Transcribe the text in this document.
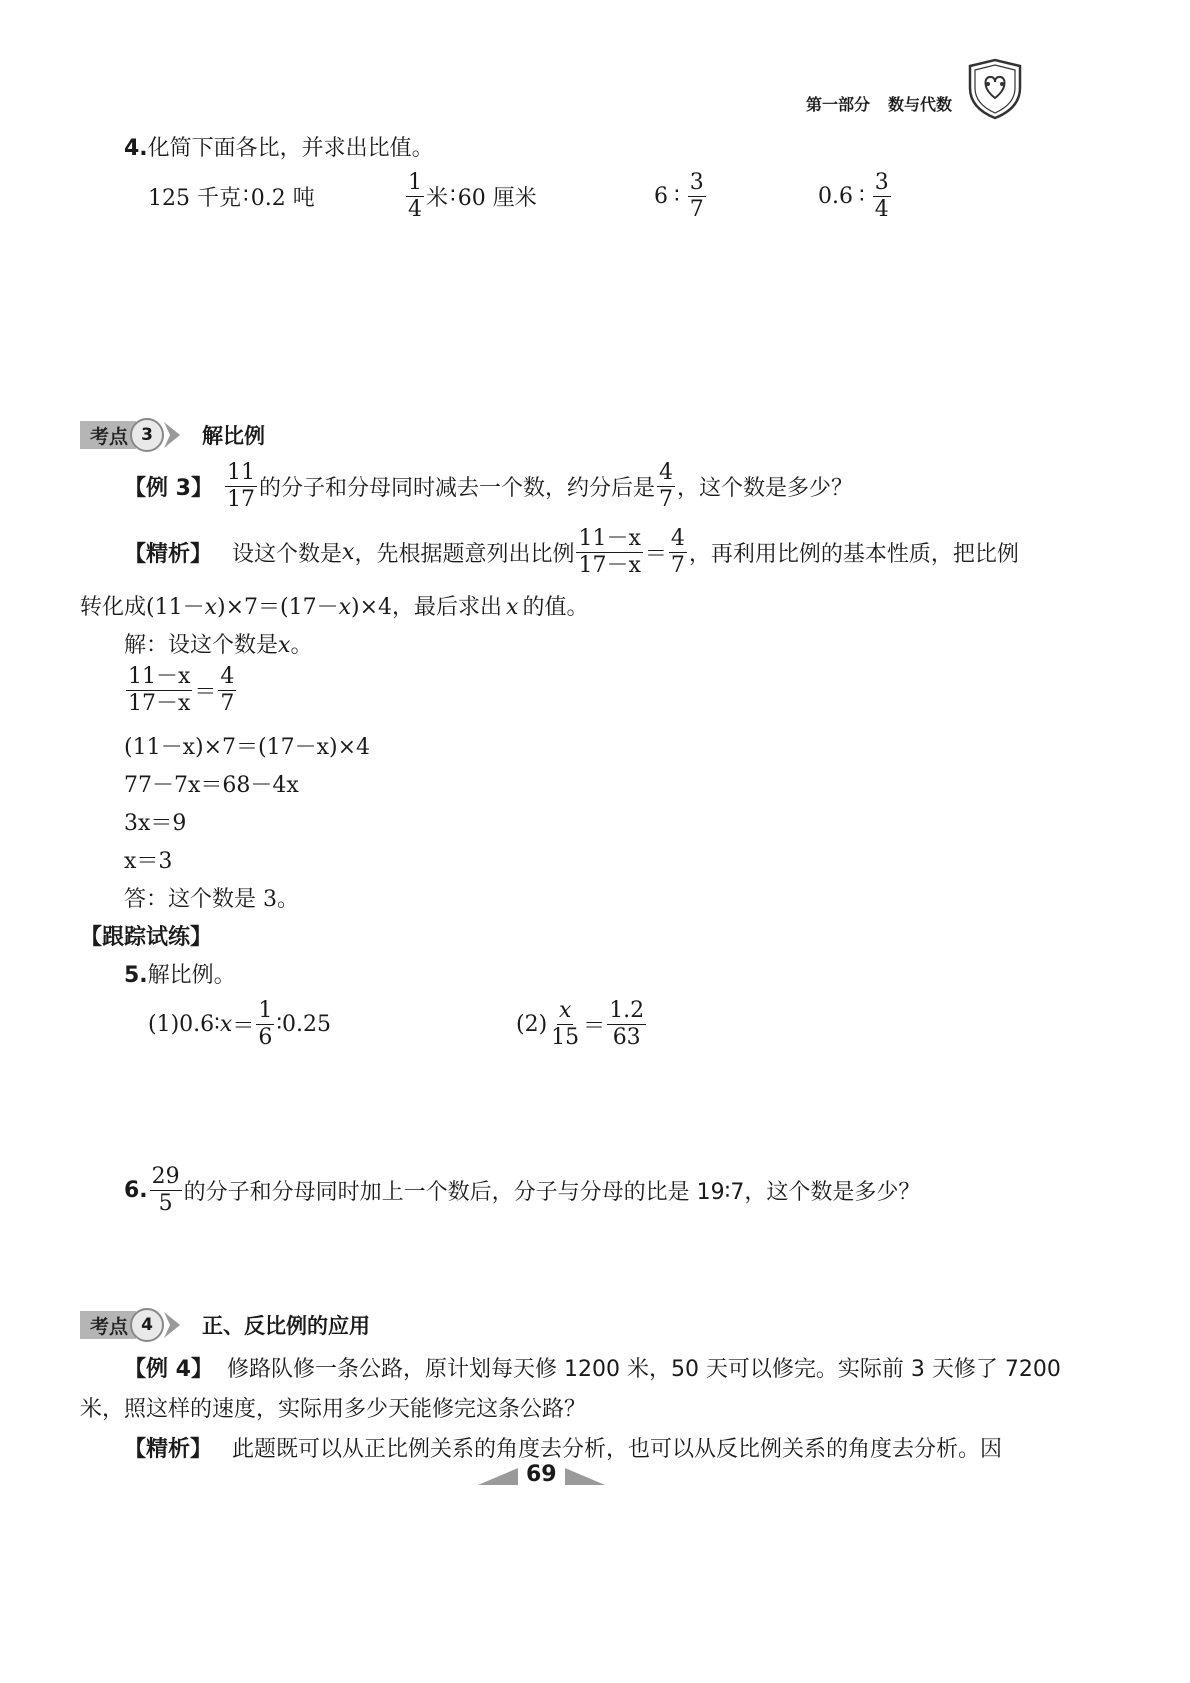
第一部分 数与代数
4.化简下面各比，并求出比值。
125 千克 ∶ 0.2 吨	$\frac{1}{4}$ 米 ∶ 60 厘米	6 ∶ $\frac{3}{7}$	0.6 ∶ $\frac{3}{4}$
考点 3	解比例
【例 3】 $\frac{11}{17}$ 的分子和分母同时减去一个数，约分后是 $\frac{4}{7}$ ，这个数是多少？
【精析】 设这个数是 x ，先根据题意列出比例 $\frac{11-x}{17-x} = \frac{4}{7}$ ，再利用比例的基本性质，把比例
转化成(11－x)×7＝(17－x)×4，最后求出 x 的值。
解：设这个数是x。
$\frac{11-x}{17-x} = \frac{4}{7}$
(11－x)×7＝(17－x)×4
77－7x＝68－4x
3x＝9
x＝3
答：这个数是 3。
【跟踪试练】
5.解比例。
(1)0.6∶ $x = \frac{1}{6}$ ∶0.25	$(2) \frac{x}{15} = \frac{1.2}{63}$
6. $\frac{29}{5}$ 的分子和分母同时加上一个数后，分子与分母的比是 19∶7，这个数是多少？
考点 4	正、反比例的应用
【例 4】 修路队修一条公路，原计划每天修 1200 米，50 天可以修完。实际前 3 天修了 7200
米，照这样的速度，实际用多少天能修完这条公路？
【精析】 此题既可以从正比例关系的角度去分析，也可以从反比例关系的角度去分析。因
69
